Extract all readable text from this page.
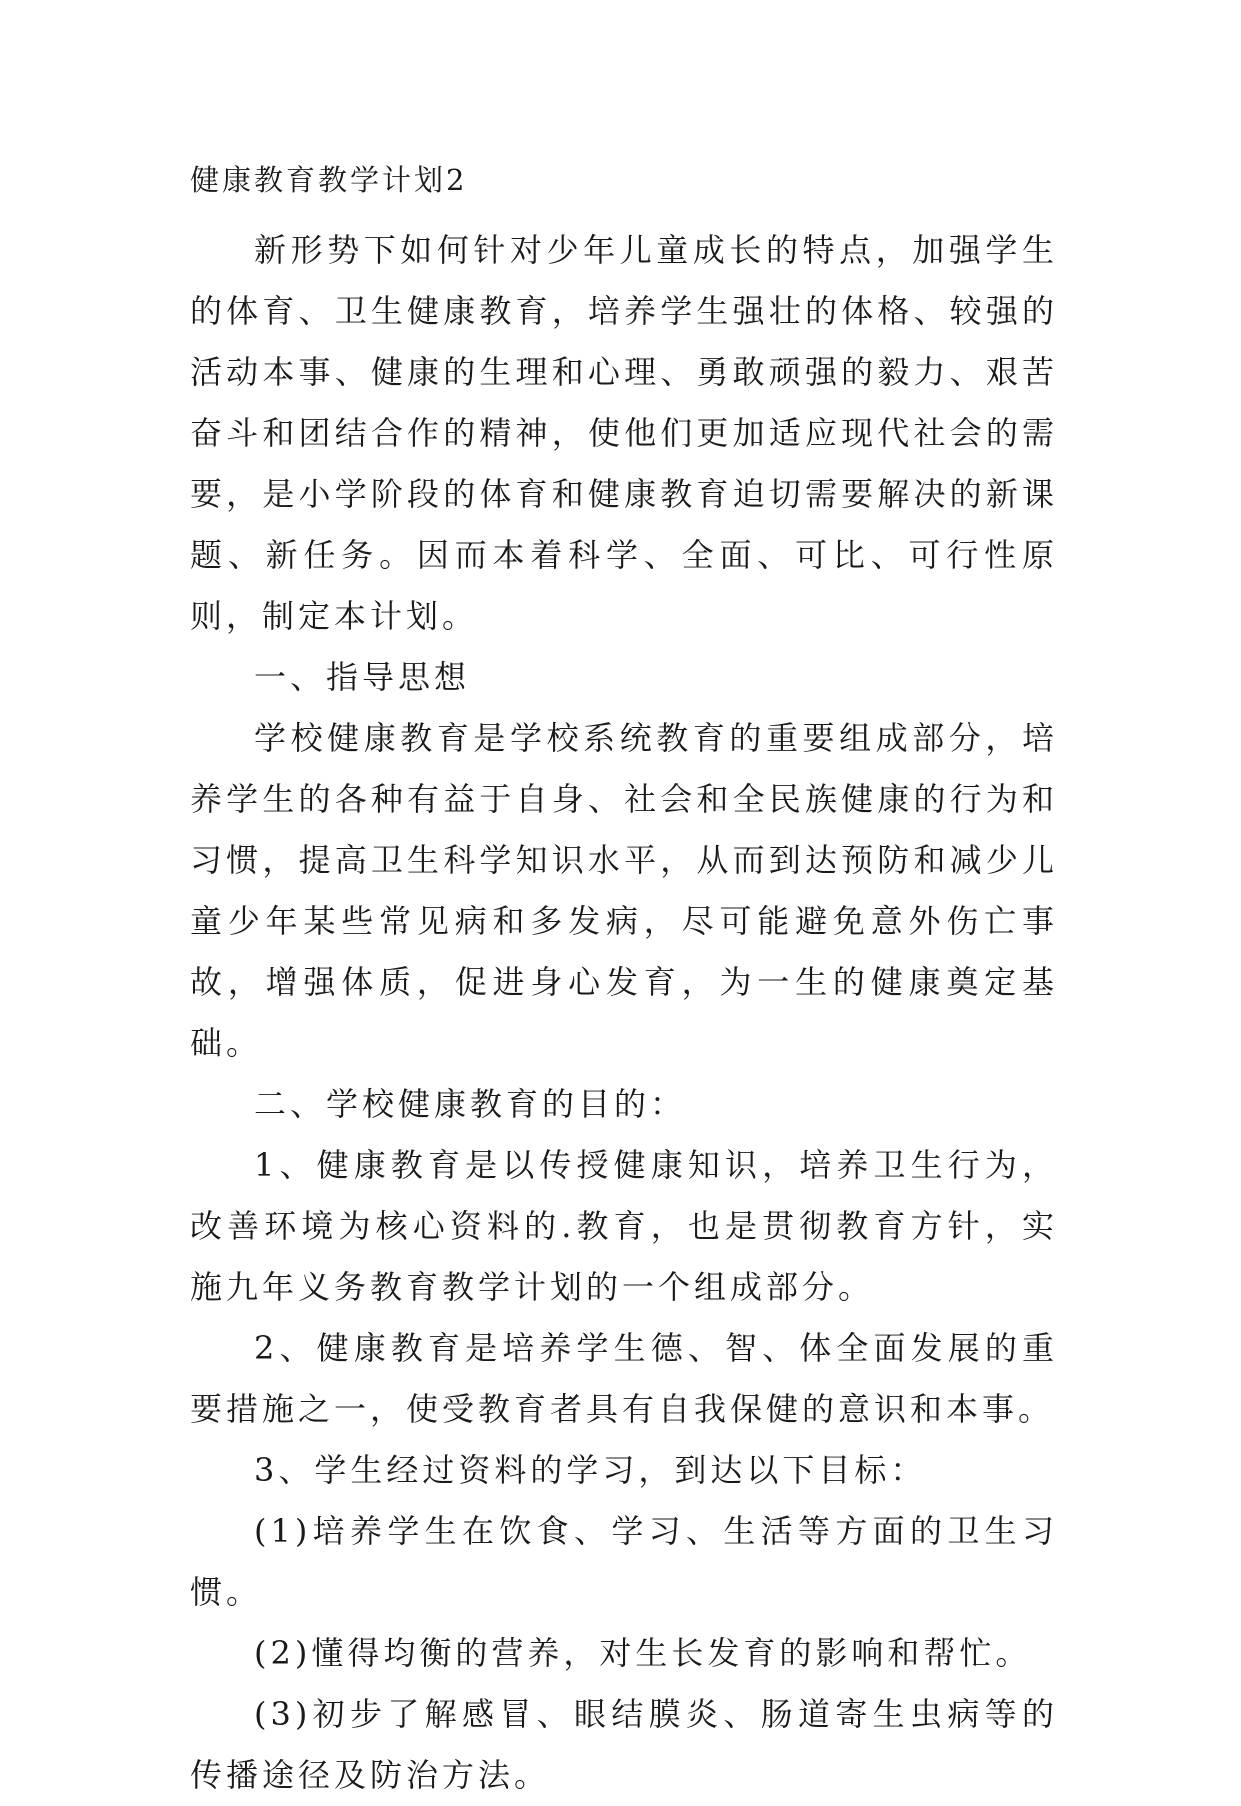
健康教育教学计划2

新形势下如何针对少年儿童成长的特点，加强学生的体育、卫生健康教育，培养学生强壮的体格、较强的活动本事、健康的生理和心理、勇敢顽强的毅力、艰苦奋斗和团结合作的精神，使他们更加适应现代社会的需要，是小学阶段的体育和健康教育迫切需要解决的新课题、新任务。因而本着科学、全面、可比、可行性原则，制定本计划。

一、指导思想

学校健康教育是学校系统教育的重要组成部分，培养学生的各种有益于自身、社会和全民族健康的行为和习惯，提高卫生科学知识水平，从而到达预防和减少儿童少年某些常见病和多发病，尽可能避免意外伤亡事故，增强体质，促进身心发育，为一生的健康奠定基础。

二、学校健康教育的目的：

1、健康教育是以传授健康知识，培养卫生行为，改善环境为核心资料的.教育，也是贯彻教育方针，实施九年义务教育教学计划的一个组成部分。

2、健康教育是培养学生德、智、体全面发展的重要措施之一，使受教育者具有自我保健的意识和本事。

3、学生经过资料的学习，到达以下目标：

(1)培养学生在饮食、学习、生活等方面的卫生习惯。

(2)懂得均衡的营养，对生长发育的影响和帮忙。

(3)初步了解感冒、眼结膜炎、肠道寄生虫病等的传播途径及防治方法。
